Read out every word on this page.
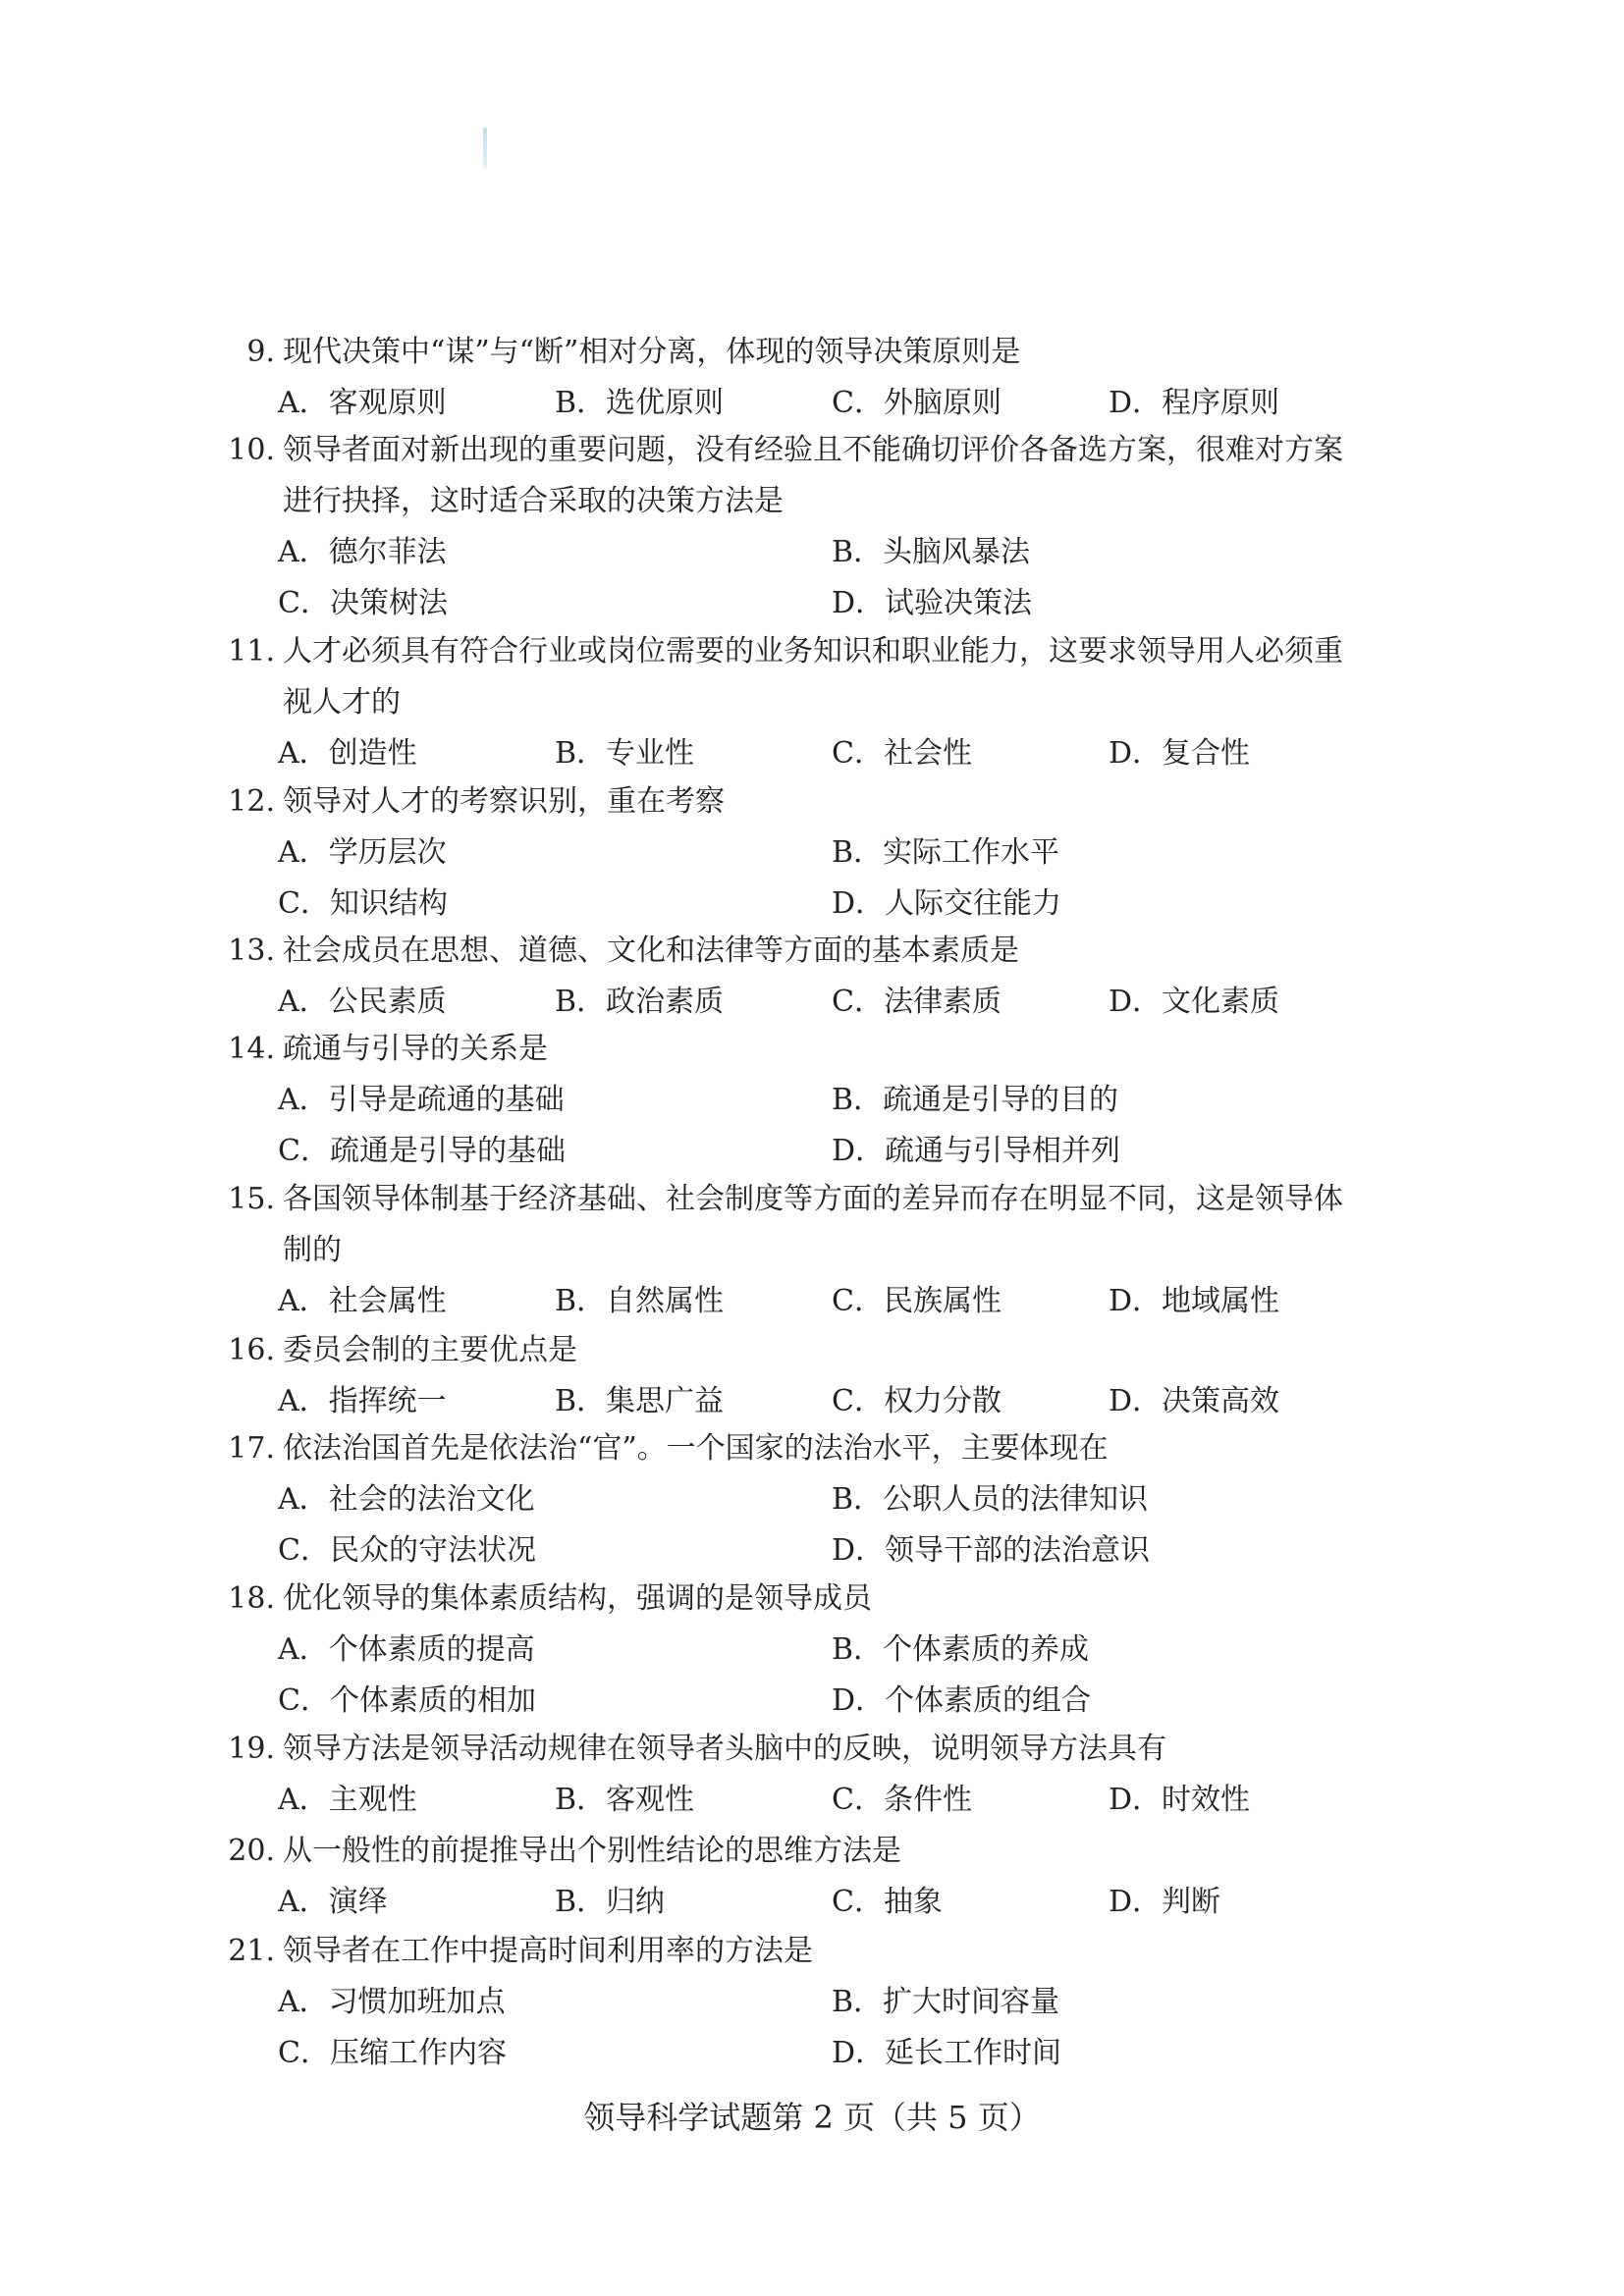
9. 现代决策中“谋”与“断”相对分离，体现的领导决策原则是
A．客观原则	B．选优原则	C．外脑原则	D．程序原则
10. 领导者面对新出现的重要问题，没有经验且不能确切评价各备选方案，很难对方案
进行抉择，这时适合采取的决策方法是
A．德尔菲法	B．头脑风暴法
C．决策树法	D．试验决策法
11. 人才必须具有符合行业或岗位需要的业务知识和职业能力，这要求领导用人必须重
视人才的
A．创造性	B．专业性	C．社会性	D．复合性
12. 领导对人才的考察识别，重在考察
A．学历层次	B．实际工作水平
C．知识结构	D．人际交往能力
13. 社会成员在思想、道德、文化和法律等方面的基本素质是
A．公民素质	B．政治素质	C．法律素质	D．文化素质
14. 疏通与引导的关系是
A．引导是疏通的基础	B．疏通是引导的目的
C．疏通是引导的基础	D．疏通与引导相并列
15. 各国领导体制基于经济基础、社会制度等方面的差异而存在明显不同，这是领导体
制的
A．社会属性	B．自然属性	C．民族属性	D．地域属性
16. 委员会制的主要优点是
A．指挥统一	B．集思广益	C．权力分散	D．决策高效
17. 依法治国首先是依法治“官”。一个国家的法治水平，主要体现在
A．社会的法治文化	B．公职人员的法律知识
C．民众的守法状况	D．领导干部的法治意识
18. 优化领导的集体素质结构，强调的是领导成员
A．个体素质的提高	B．个体素质的养成
C．个体素质的相加	D．个体素质的组合
19. 领导方法是领导活动规律在领导者头脑中的反映，说明领导方法具有
A．主观性	B．客观性	C．条件性	D．时效性
20. 从一般性的前提推导出个别性结论的思维方法是
A．演绎	B．归纳	C．抽象	D．判断
21. 领导者在工作中提高时间利用率的方法是
A．习惯加班加点	B．扩大时间容量
C．压缩工作内容	D．延长工作时间
领导科学试题第 2 页（共 5 页）
